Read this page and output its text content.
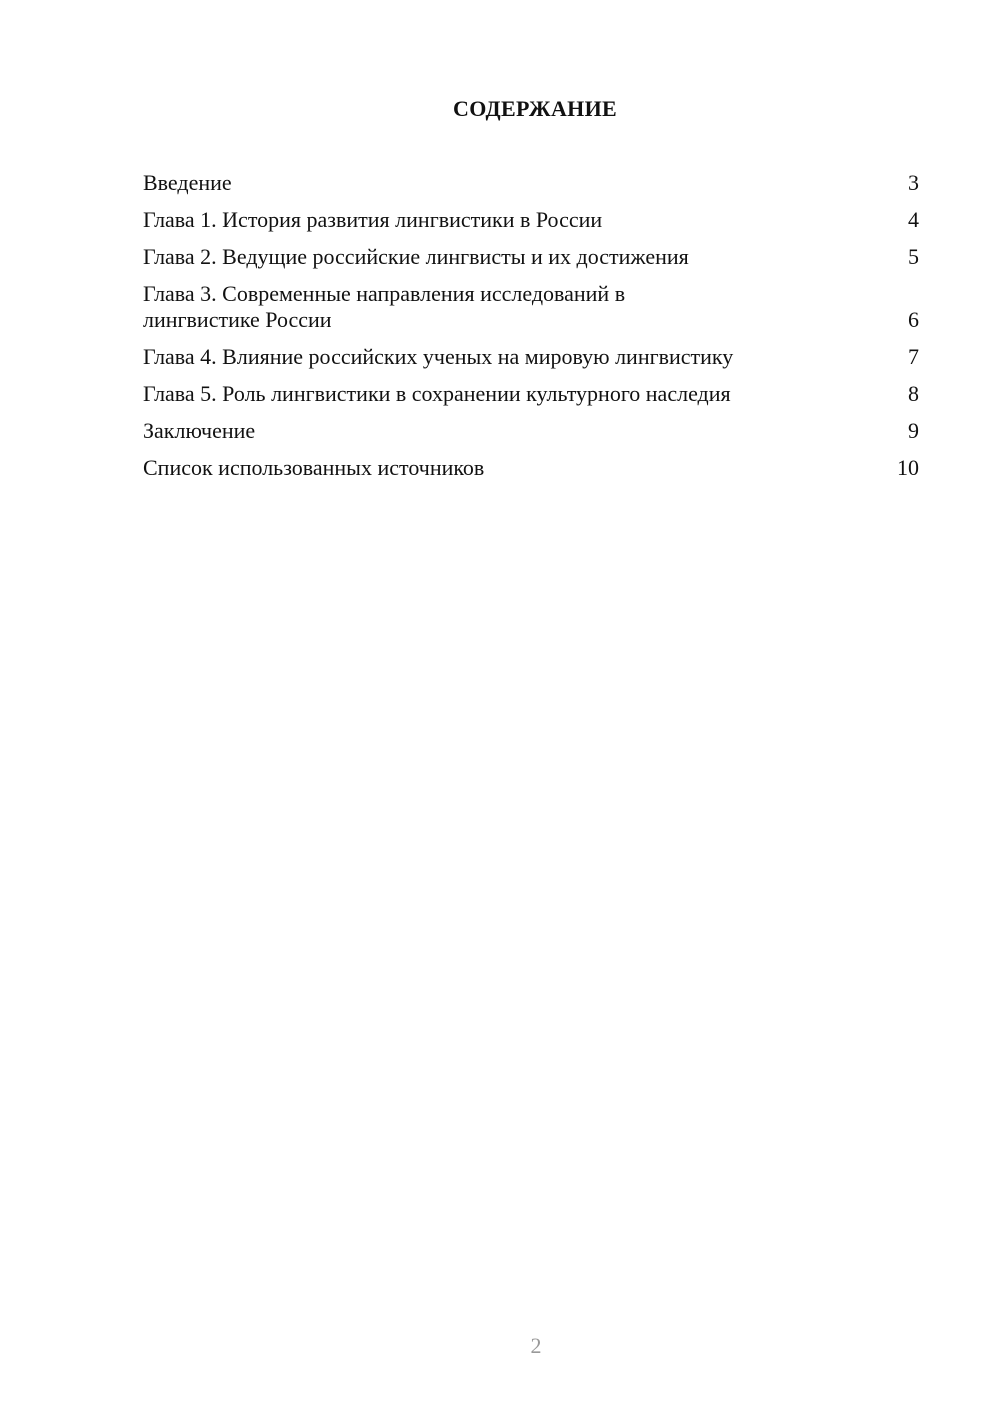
СОДЕРЖАНИЕ
Введение	3
Глава 1. История развития лингвистики в России	4
Глава 2. Ведущие российские лингвисты и их достижения	5
Глава 3. Современные направления исследований в лингвистике России	6
Глава 4. Влияние российских ученых на мировую лингвистику	7
Глава 5. Роль лингвистики в сохранении культурного наследия	8
Заключение	9
Список использованных источников	10
2
